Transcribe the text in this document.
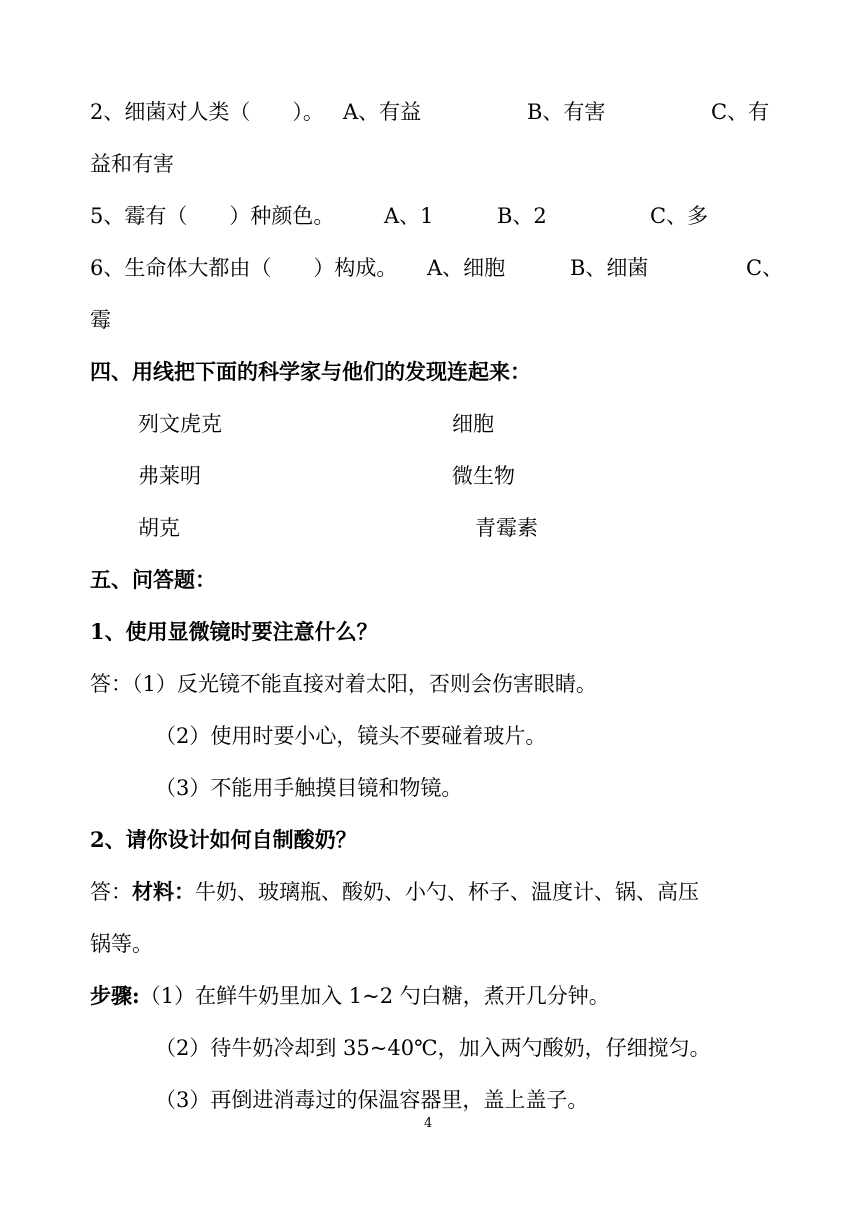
2、细菌对人类（　　）。 A、有益	B、有害	C、有
益和有害
5、霉有（　　）种颜色。 A、1	B、2	C、多
6、生命体大都由（　　）构成。 A、细胞	B、细菌	C、
霉
四、用线把下面的科学家与他们的发现连起来：
列文虎克	细胞
弗莱明	微生物
胡克	青霉素
五、问答题：
1、使用显微镜时要注意什么？
答：（1）反光镜不能直接对着太阳，否则会伤害眼睛。
（2）使用时要小心，镜头不要碰着玻片。
（3）不能用手触摸目镜和物镜。
2、请你设计如何自制酸奶？
答：材料：牛奶、玻璃瓶、酸奶、小勺、杯子、温度计、锅、高压
锅等。
步骤:（1）在鲜牛奶里加入 1~2 勺白糖，煮开几分钟。
（2）待牛奶冷却到 35~40℃，加入两勺酸奶，仔细搅匀。
（3）再倒进消毒过的保温容器里，盖上盖子。
4
